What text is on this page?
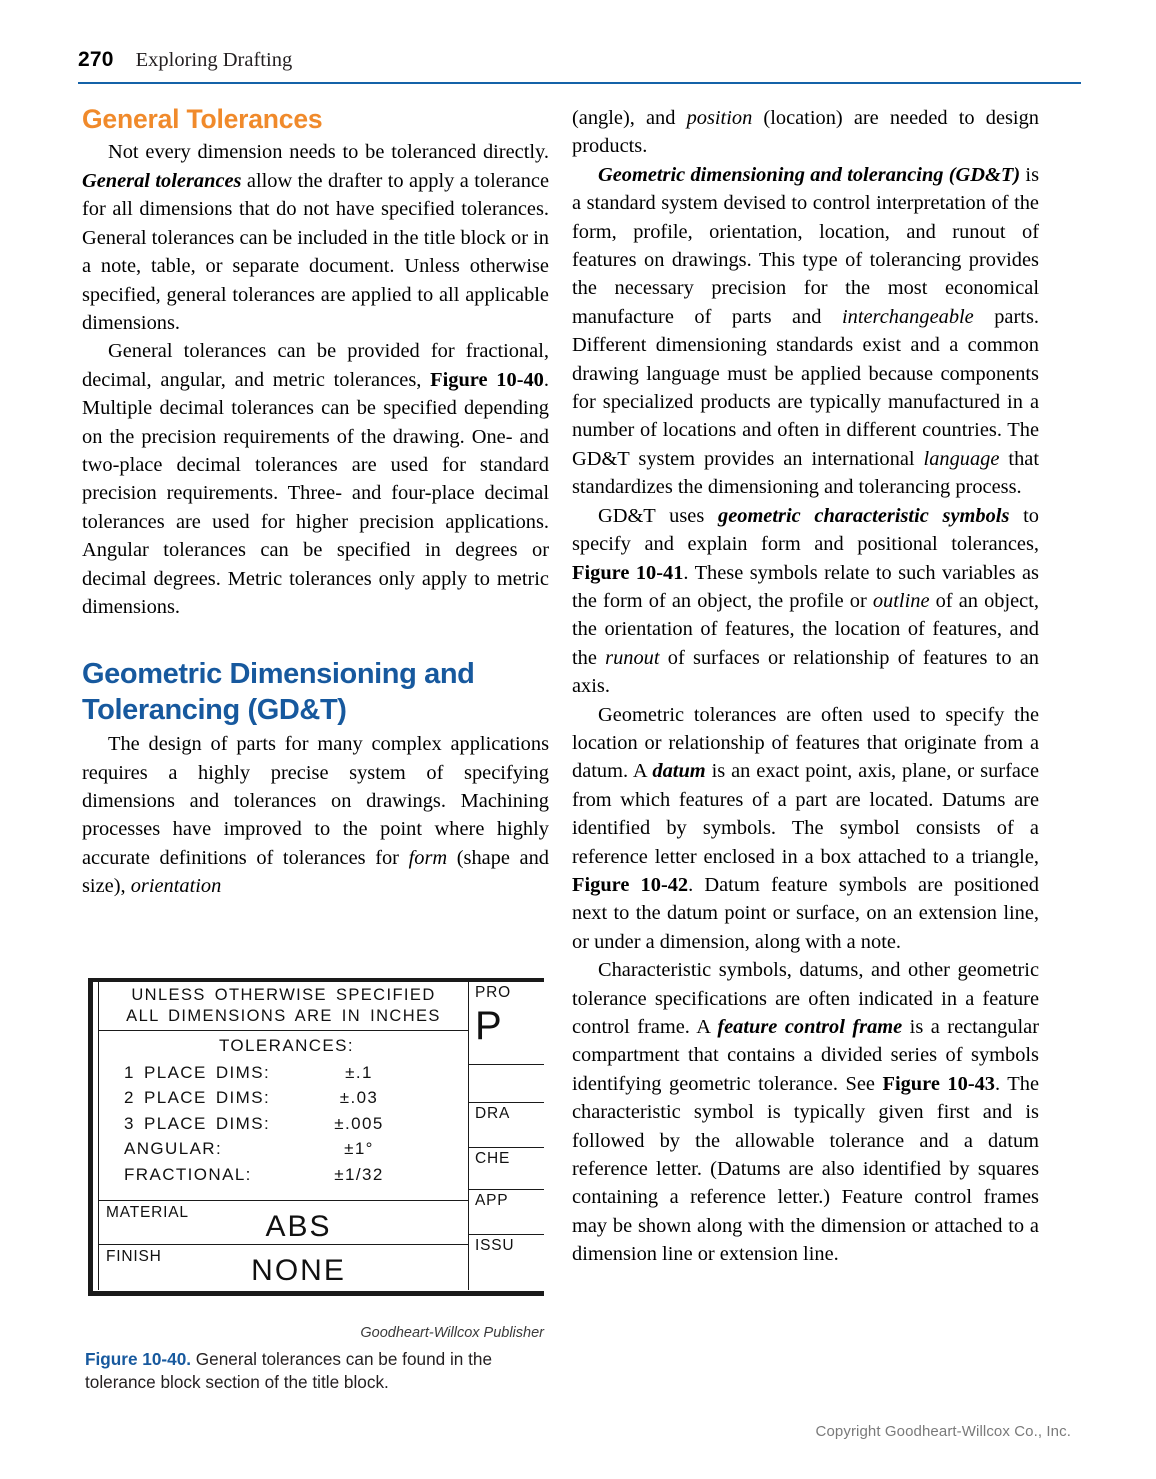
270 Exploring Drafting
General Tolerances

Not every dimension needs to be toleranced directly. General tolerances allow the drafter to apply a tolerance for all dimensions that do not have specified tolerances. General tolerances can be included in the title block or in a note, table, or separate document. Unless otherwise specified, general tolerances are applied to all applicable dimensions.

General tolerances can be provided for fractional, decimal, angular, and metric toler​ances, Figure 10-40. Multiple decimal tolerances can be specified depending on the precision requirements of the drawing. One- and two-place decimal tolerances are used for standard precision requirements. Three- and four-place decimal tolerances are used for higher precision applications. Angular tolerances can be specified in degrees or decimal degrees. Metric toler​ances only apply to metric dimensions.

Geometric Dimensioning and Tolerancing (GD&T)

The design of parts for many complex applications requires a highly precise system of specifying dimensions and tolerances on drawings. Machining processes have improved to the point where highly accurate definitions of tolerances for form (shape and size), orientation

(angle), and position (location) are needed to design products.

Geometric dimensioning and tolerancing (GD&T) is a standard system devised to control interpretation of the form, profile, orientation, location, and runout of features on drawings. This type of tolerancing provides the necessary precision for the most economical manufacture of parts and interchangeable parts. Different dimensioning standards exist and a common drawing language must be applied because components for specialized products are typically manufactured in a number of locations and often in different countries. The GD&T system provides an international language that standardizes the dimensioning and tolerancing process.

GD&T uses geometric characteristic symbols to specify and explain form and positional tolerances, Figure 10-41. These symbols relate to such variables as the form of an object, the profile or outline of an object, the orientation of features, the location of features, and the runout of surfaces or relationship of features to an axis.

Geometric tolerances are often used to specify the location or relationship of features that originate from a datum. A datum is an exact point, axis, plane, or surface from which features of a part are located. Datums are identified by symbols. The symbol consists of a reference letter enclosed in a box attached to a triangle, Figure 10-42. Datum feature symbols are positioned next to the datum point or surface, on an extension line, or under a dimension, along with a note.

Characteristic symbols, datums, and other geometric tolerance specifications are often indicated in a feature control frame. A feature control frame is a rectangular compartment that contains a divided series of symbols identifying geometric tolerance. See Figure 10-43. The characteristic symbol is typically given first and is followed by the allowable tolerance and a datum reference letter. (Datums are also identified by squares containing a reference letter.) Feature control frames may be shown along with the dimension or attached to a dimension line or extension line.

UNLESS OTHERWISE SPECIFIED
ALL DIMENSIONS ARE IN INCHES
TOLERANCES:
1 PLACE DIMS:	±.1
2 PLACE DIMS:	±.03
3 PLACE DIMS:	±.005
ANGULAR:	±1°
FRACTIONAL:	±1/32
MATERIAL	ABS
FINISH	NONE
PRO
P
DRA
CHE
APP
ISSU
Goodheart-Willcox Publisher
Figure 10-40. General tolerances can be found in the tolerance block section of the title block.
Copyright Goodheart-Willcox Co., Inc.
